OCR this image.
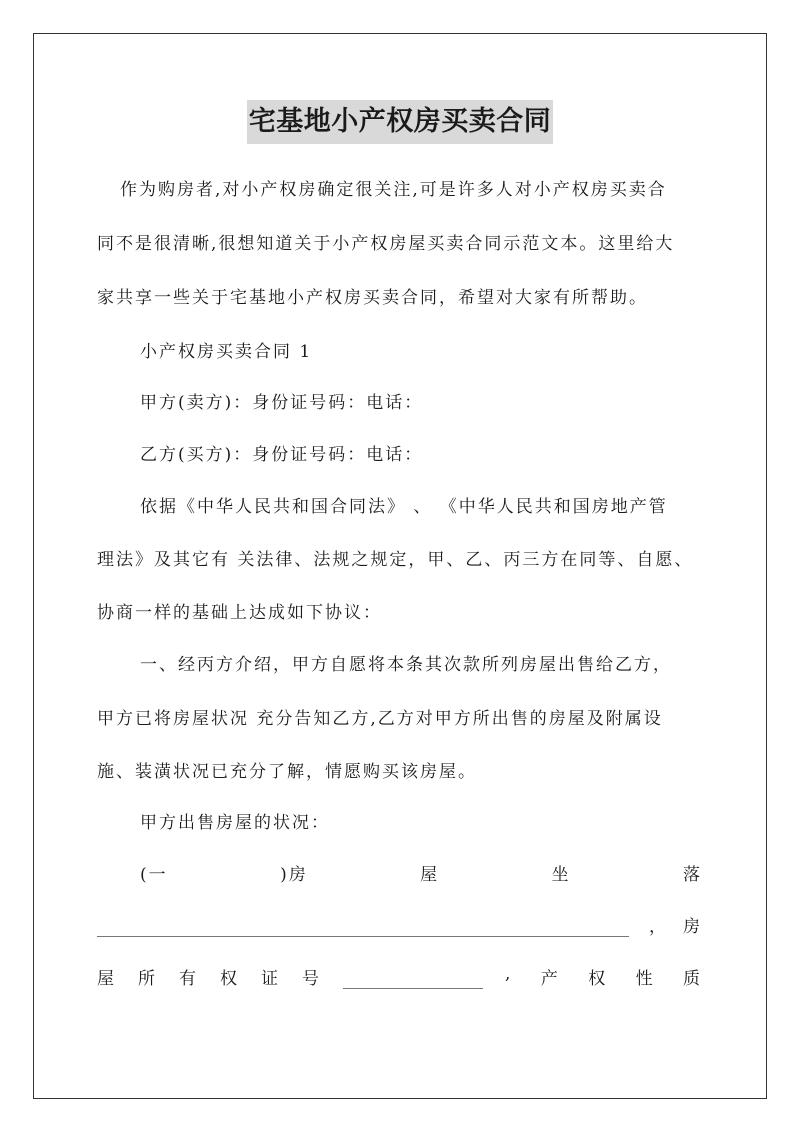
宅基地小产权房买卖合同
作为购房者,对小产权房确定很关注,可是许多人对小产权房买卖合
同不是很清晰,很想知道关于小产权房屋买卖合同示范文本。这里给大
家共享一些关于宅基地小产权房买卖合同，希望对大家有所帮助。
小产权房买卖合同 1
甲方(卖方)：身份证号码：电话：
乙方(买方)：身份证号码：电话：
依据《中华人民共和国合同法》 、 《中华人民共和国房地产管
理法》及其它有 关法律、法规之规定，甲、乙、丙三方在同等、自愿、
协商一样的基础上达成如下协议：
一、经丙方介绍，甲方自愿将本条其次款所列房屋出售给乙方，
甲方已将房屋状况 充分告知乙方,乙方对甲方所出售的房屋及附属设
施、装潢状况已充分了解，情愿购买该房屋。
甲方出售房屋的状况：
(一	)房	屋	坐	落
， 房
屋 所 有 权 证 号	, 产 权 性 质
